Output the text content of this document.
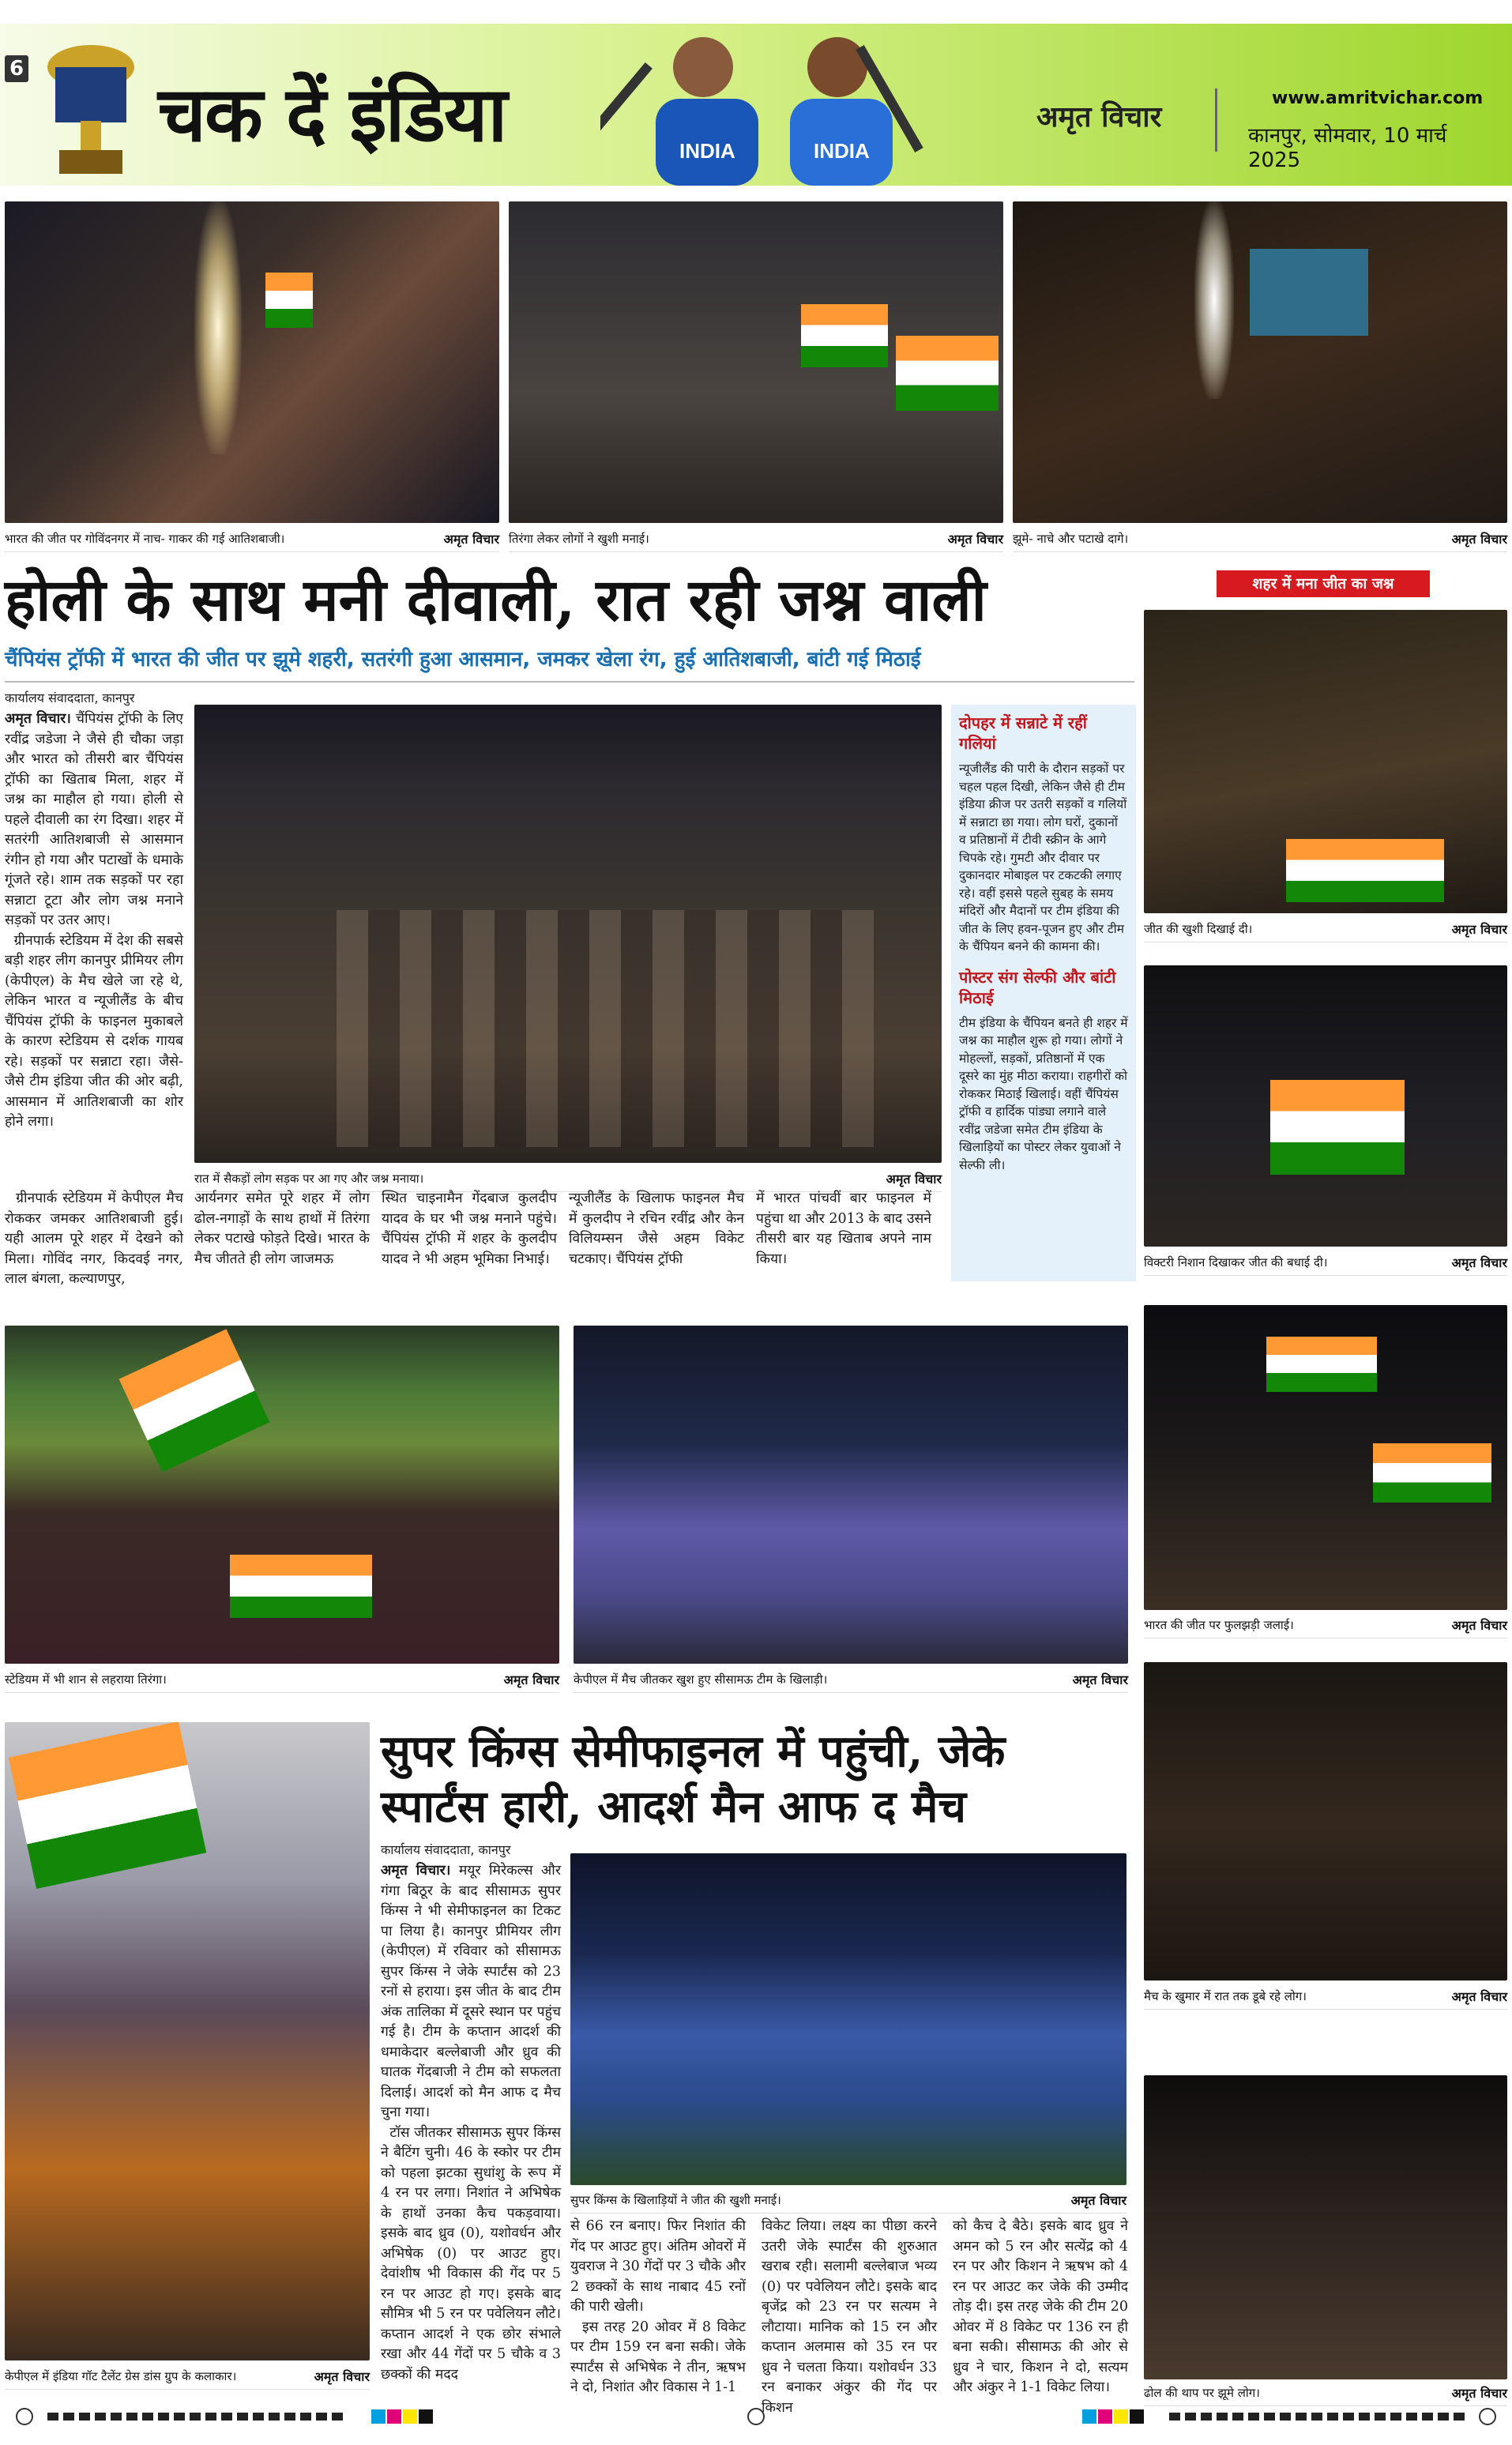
6
चक दें इंडिया	INDIA	INDIA
अमृत विचार
www.amritvichar.com
कानपुर, सोमवार, 10 मार्च 2025
भारत की जीत पर गोविंदनगर में नाच- गाकर की गई आतिशबाजी।	अमृत विचार तिरंगा लेकर लोगों ने खुशी मनाई।	अमृत विचार झूमे- नाचे और पटाखे दागे।	अमृत विचार
होली के साथ मनी दीवाली, रात रही जश्न वाली
चैंपियंस ट्रॉफी में भारत की जीत पर झूमे शहरी, सतरंगी हुआ आसमान, जमकर खेला रंग, हुई आतिशबाजी, बांटी गई मिठाई
कार्यालय संवाददाता, कानपुर
अमृत विचार। चैंपियंस ट्रॉफी के लिए रवींद्र जडेजा ने जैसे ही चौका जड़ा और भारत को तीसरी बार चैंपियंस ट्रॉफी का खिताब मिला, शहर में जश्न का माहौल हो गया। होली से पहले दीवाली का रंग दिखा। शहर में सतरंगी आतिशबाजी से आसमान रंगीन हो गया और पटाखों के धमाके गूंजते रहे। शाम तक सड़कों पर रहा सन्नाटा टूटा और लोग जश्न मनाने सड़कों पर उतर आए।
ग्रीनपार्क स्टेडियम में देश की सबसे बड़ी शहर लीग कानपुर प्रीमियर लीग (केपीएल) के मैच खेले जा रहे थे, लेकिन भारत व न्यूजीलैंड के बीच चैंपियंस ट्रॉफी के फाइनल मुकाबले के कारण स्टेडियम से दर्शक गायब रहे। सड़कों पर सन्नाटा रहा। जैसे-जैसे टीम इंडिया जीत की ओर बढ़ी, आसमान में आतिशबाजी का शोर होने लगा।
रात में सैकड़ों लोग सड़क पर आ गए और जश्न मनाया।	अमृत विचार
ग्रीनपार्क स्टेडियम में केपीएल मैच रोककर जमकर आतिशबाजी हुई। यही आलम पूरे शहर में देखने को मिला। गोविंद नगर, किदवई नगर, लाल बंगला, कल्याणपुर,
आर्यनगर समेत पूरे शहर में लोग ढोल-नगाड़ों के साथ हाथों में तिरंगा लेकर पटाखे फोड़ते दिखे। भारत के मैच जीतते ही लोग जाजमऊ
स्थित चाइनामैन गेंदबाज कुलदीप यादव के घर भी जश्न मनाने पहुंचे। चैंपियंस ट्रॉफी में शहर के कुलदीप यादव ने भी अहम भूमिका निभाई।
न्यूजीलैंड के खिलाफ फाइनल मैच में कुलदीप ने रचिन रवींद्र और केन विलियम्सन जैसे अहम विकेट चटकाए। चैंपियंस ट्रॉफी
में भारत पांचवीं बार फाइनल में पहुंचा था और 2013 के बाद उसने तीसरी बार यह खिताब अपने नाम किया।
दोपहर में सन्नाटे में रहीं गलियां
न्यूजीलैंड की पारी के दौरान सड़कों पर चहल पहल दिखी, लेकिन जैसे ही टीम इंडिया क्रीज पर उतरी सड़कों व गलियों में सन्नाटा छा गया। लोग घरों, दुकानों व प्रतिष्ठानों में टीवी स्क्रीन के आगे चिपके रहे। गुमटी और दीवार पर दुकानदार मोबाइल पर टकटकी लगाए रहे। वहीं इससे पहले सुबह के समय मंदिरों और मैदानों पर टीम इंडिया की जीत के लिए हवन-पूजन हुए और टीम के चैंपियन बनने की कामना की।
पोस्टर संग सेल्फी और बांटी मिठाई
टीम इंडिया के चैंपियन बनते ही शहर में जश्न का माहौल शुरू हो गया। लोगों ने मोहल्लों, सड़कों, प्रतिष्ठानों में एक दूसरे का मुंह मीठा कराया। राहगीरों को रोककर मिठाई खिलाई। वहीं चैंपियंस ट्रॉफी व हार्दिक पांड्या लगाने वाले रवींद्र जडेजा समेत टीम इंडिया के खिलाड़ियों का पोस्टर लेकर युवाओं ने सेल्फी ली।
शहर में मना जीत का जश्न
जीत की खुशी दिखाई दी।	अमृत विचार
विक्टरी निशान दिखाकर जीत की बधाई दी।	अमृत विचार
भारत की जीत पर फुलझड़ी जलाई।	अमृत विचार
मैच के खुमार में रात तक डूबे रहे लोग।	अमृत विचार
ढोल की थाप पर झूमे लोग।	अमृत विचार
स्टेडियम में भी शान से लहराया तिरंगा।	अमृत विचार केपीएल में मैच जीतकर खुश हुए सीसामऊ टीम के खिलाड़ी।	अमृत विचार
केपीएल में इंडिया गॉट टैलेंट ग्रेस डांस ग्रुप के कलाकार।	अमृत विचार
सुपर किंग्स सेमीफाइनल में पहुंची, जेके
स्पार्टंस हारी, आदर्श मैन आफ द मैच
कार्यालय संवाददाता, कानपुर
अमृत विचार। मयूर मिरेकल्स और गंगा बिठूर के बाद सीसामऊ सुपर किंग्स ने भी सेमीफाइनल का टिकट पा लिया है। कानपुर प्रीमियर लीग (केपीएल) में रविवार को सीसामऊ सुपर किंग्स ने जेके स्पार्टंस को 23 रनों से हराया। इस जीत के बाद टीम अंक तालिका में दूसरे स्थान पर पहुंच गई है। टीम के कप्तान आदर्श की धमाकेदार बल्लेबाजी और ध्रुव की घातक गेंदबाजी ने टीम को सफलता दिलाई। आदर्श को मैन आफ द मैच चुना गया।
टॉस जीतकर सीसामऊ सुपर किंग्स ने बैटिंग चुनी। 46 के स्कोर पर टीम को पहला झटका सुधांशु के रूप में 4 रन पर लगा। निशांत ने अभिषेक के हाथों उनका कैच पकड़वाया। इसके बाद ध्रुव (0), यशोवर्धन और अभिषेक (0) पर आउट हुए। देवांशीष भी विकास की गेंद पर 5 रन पर आउट हो गए। इसके बाद सौमित्र भी 5 रन पर पवेलियन लौटे। कप्तान आदर्श ने एक छोर संभाले रखा और 44 गेंदों पर 5 चौके व 3 छक्कों की मदद
सुपर किंग्स के खिलाड़ियों ने जीत की खुशी मनाई।	अमृत विचार
से 66 रन बनाए। फिर निशांत की गेंद पर आउट हुए। अंतिम ओवरों में युवराज ने 30 गेंदों पर 3 चौके और 2 छक्कों के साथ नाबाद 45 रनों की पारी खेली।
इस तरह 20 ओवर में 8 विकेट पर टीम 159 रन बना सकी। जेके स्पार्टंस से अभिषेक ने तीन, ऋषभ ने दो, निशांत और विकास ने 1-1
विकेट लिया। लक्ष्य का पीछा करने उतरी जेके स्पार्टंस की शुरुआत खराब रही। सलामी बल्लेबाज भव्य (0) पर पवेलियन लौटे। इसके बाद बृजेंद्र को 23 रन पर सत्यम ने लौटाया। मानिक को 15 रन और कप्तान अलमास को 35 रन पर ध्रुव ने चलता किया। यशोवर्धन 33 रन बनाकर अंकुर की गेंद पर किशन
को कैच दे बैठे। इसके बाद ध्रुव ने अमन को 5 रन और सत्येंद्र को 4 रन पर और किशन ने ऋषभ को 4 रन पर आउट कर जेके की उम्मीद तोड़ दी। इस तरह जेके की टीम 20 ओवर में 8 विकेट पर 136 रन ही बना सकी। सीसामऊ की ओर से ध्रुव ने चार, किशन ने दो, सत्यम और अंकुर ने 1-1 विकेट लिया।
